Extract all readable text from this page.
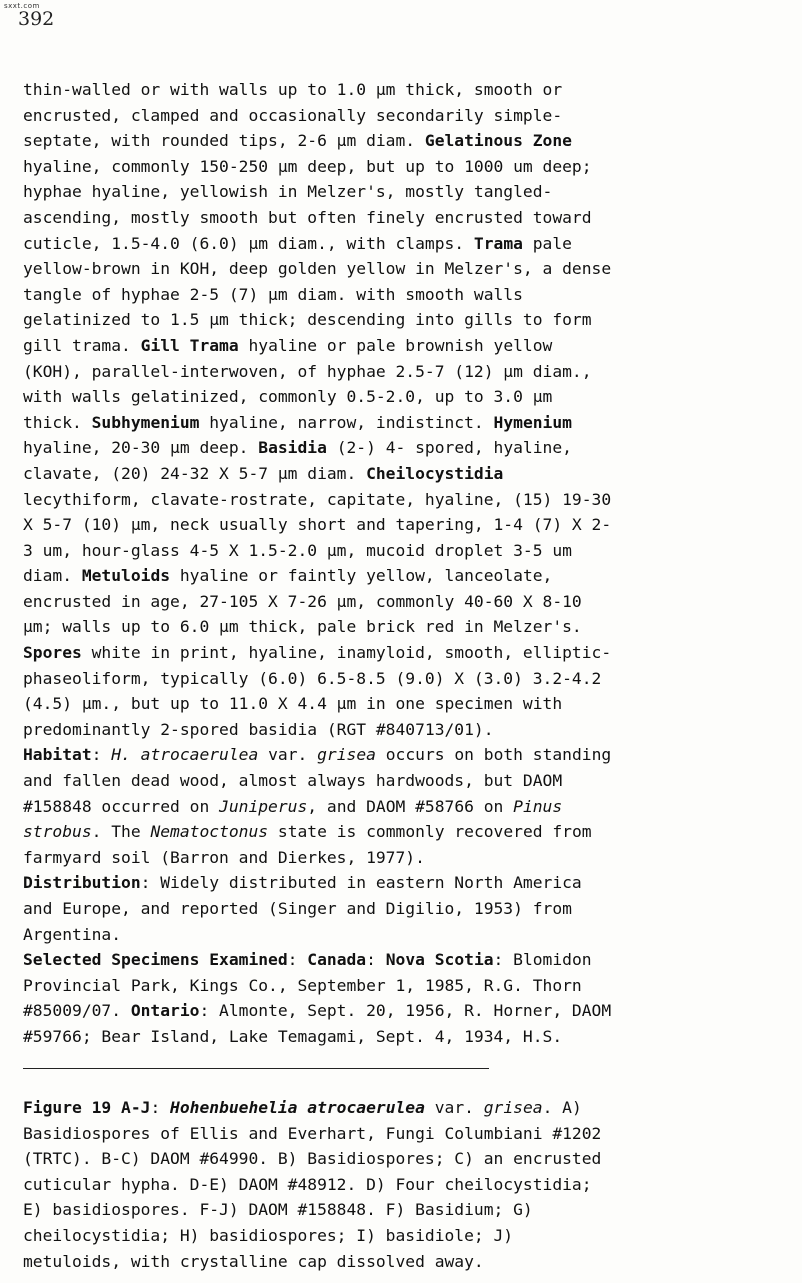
sxxt.com
392
thin-walled or with walls up to 1.0 µm thick, smooth or
encrusted, clamped and occasionally secondarily simple-
septate, with rounded tips, 2-6 µm diam. Gelatinous Zone
hyaline, commonly 150-250 µm deep, but up to 1000 um deep;
hyphae hyaline, yellowish in Melzer's, mostly tangled-
ascending, mostly smooth but often finely encrusted toward
cuticle, 1.5-4.0 (6.0) µm diam., with clamps. Trama pale
yellow-brown in KOH, deep golden yellow in Melzer's, a dense
tangle of hyphae 2-5 (7) µm diam. with smooth walls
gelatinized to 1.5 µm thick; descending into gills to form
gill trama. Gill Trama hyaline or pale brownish yellow
(KOH), parallel-interwoven, of hyphae 2.5-7 (12) µm diam.,
with walls gelatinized, commonly 0.5-2.0, up to 3.0 µm
thick. Subhymenium hyaline, narrow, indistinct. Hymenium
hyaline, 20-30 µm deep. Basidia (2-) 4- spored, hyaline,
clavate, (20) 24-32 X 5-7 µm diam. Cheilocystidia
lecythiform, clavate-rostrate, capitate, hyaline, (15) 19-30
X 5-7 (10) µm, neck usually short and tapering, 1-4 (7) X 2-
3 um, hour-glass 4-5 X 1.5-2.0 µm, mucoid droplet 3-5 um
diam. Metuloids hyaline or faintly yellow, lanceolate,
encrusted in age, 27-105 X 7-26 µm, commonly 40-60 X 8-10
µm; walls up to 6.0 µm thick, pale brick red in Melzer's.
Spores white in print, hyaline, inamyloid, smooth, elliptic-
phaseoliform, typically (6.0) 6.5-8.5 (9.0) X (3.0) 3.2-4.2
(4.5) µm., but up to 11.0 X 4.4 µm in one specimen with
predominantly 2-spored basidia (RGT #840713/01).
Habitat: H. atrocaerulea var. grisea occurs on both standing
and fallen dead wood, almost always hardwoods, but DAOM
#158848 occurred on Juniperus, and DAOM #58766 on Pinus
strobus. The Nematoctonus state is commonly recovered from
farmyard soil (Barron and Dierkes, 1977).
Distribution: Widely distributed in eastern North America
and Europe, and reported (Singer and Digilio, 1953) from
Argentina.
Selected Specimens Examined: Canada: Nova Scotia: Blomidon
Provincial Park, Kings Co., September 1, 1985, R.G. Thorn
#85009/07. Ontario: Almonte, Sept. 20, 1956, R. Horner, DAOM
#59766; Bear Island, Lake Temagami, Sept. 4, 1934, H.S.
Figure 19 A-J: Hohenbuehelia atrocaerulea var. grisea. A)
Basidiospores of Ellis and Everhart, Fungi Columbiani #1202
(TRTC). B-C) DAOM #64990. B) Basidiospores; C) an encrusted
cuticular hypha. D-E) DAOM #48912. D) Four cheilocystidia;
E) basidiospores. F-J) DAOM #158848. F) Basidium; G)
cheilocystidia; H) basidiospores; I) basidiole; J)
metuloids, with crystalline cap dissolved away.
